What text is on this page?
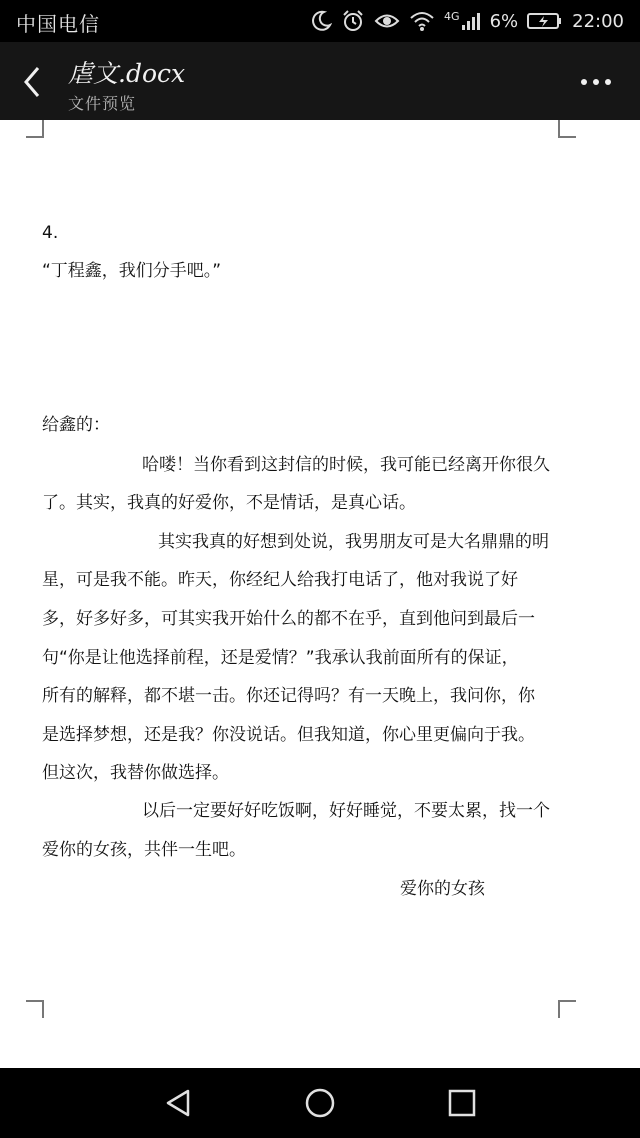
中国电信	4G 6%	22:00
虐文.docx
文件预览
4.
“丁程鑫，我们分手吧。”
给鑫的：
哈喽！当你看到这封信的时候，我可能已经离开你很久
了。其实，我真的好爱你，不是情话，是真心话。
其实我真的好想到处说，我男朋友可是大名鼎鼎的明
星，可是我不能。昨天，你经纪人给我打电话了，他对我说了好
多，好多好多，可其实我开始什么的都不在乎，直到他问到最后一
句“你是让他选择前程，还是爱情？”我承认我前面所有的保证，
所有的解释，都不堪一击。你还记得吗？有一天晚上，我问你，你
是选择梦想，还是我？你没说话。但我知道，你心里更偏向于我。
但这次，我替你做选择。
以后一定要好好吃饭啊，好好睡觉，不要太累，找一个
爱你的女孩，共伴一生吧。
爱你的女孩
